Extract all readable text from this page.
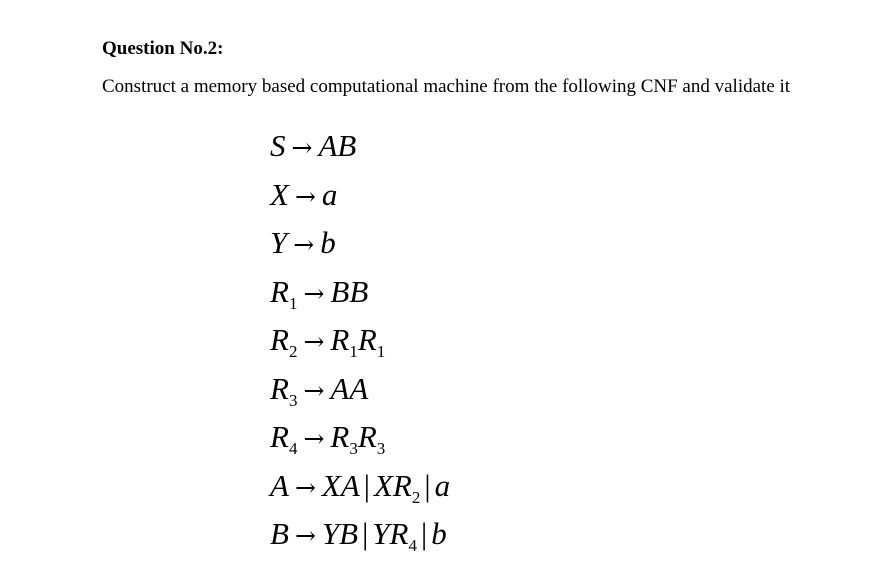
Question No.2:
Construct a memory based computational machine from the following CNF and validate it
S → AB
X → a
Y → b
$R_1$ → BB
$R_2 \to R_1R_1$
$R_3$ → AA
$R_4 \to R_3R_3$
A → XA | $XR_2$ | a
B → YB | $YR_4$ | b
